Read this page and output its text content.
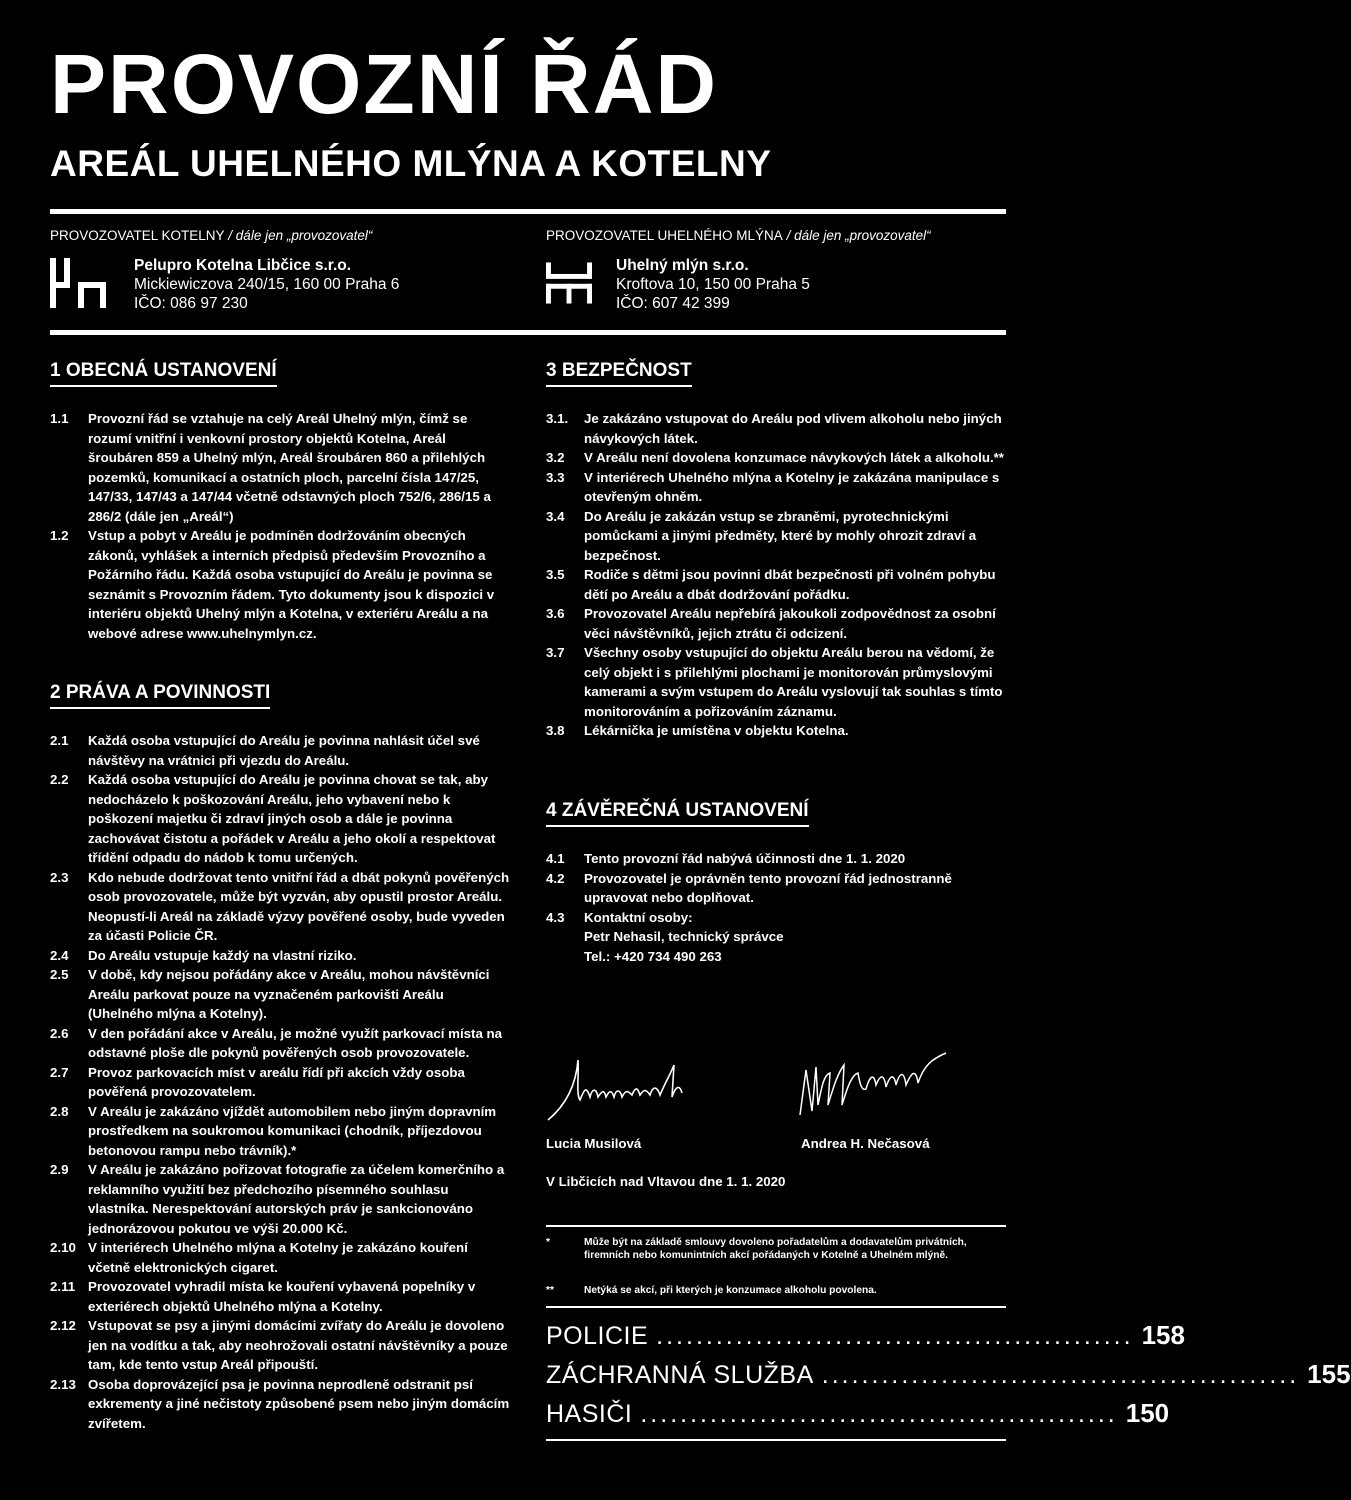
PROVOZNÍ ŘÁD
AREÁL UHELNÉHO MLÝNA A KOTELNY
PROVOZOVATEL KOTELNY / dále jen „provozovatel“
Pelupro Kotelna Libčice s.r.o.
Mickiewiczova 240/15, 160 00 Praha 6
IČO: 086 97 230
PROVOZOVATEL UHELNÉHO MLÝNA / dále jen „provozovatel“
Uhelný mlýn s.r.o.
Kroftova 10, 150 00 Praha 5
IČO: 607 42 399
1 OBECNÁ USTANOVENÍ
1.1	Provozní řád se vztahuje na celý Areál Uhelný mlýn, čímž se rozumí vnitřní i venkovní prostory objektů Kotelna, Areál šroubáren 859 a Uhelný mlýn, Areál šroubáren 860 a přilehlých pozemků, komunikací a ostatních ploch, parcelní čísla 147/25, 147/33, 147/43 a 147/44 včetně odstavných ploch 752/6, 286/15 a 286/2 (dále jen „Areál“)
1.2	Vstup a pobyt v Areálu je podmíněn dodržováním obecných zákonů, vyhlášek a interních předpisů především Provozního a Požárního řádu. Každá osoba vstupující do Areálu je povinna se seznámit s Provozním řádem. Tyto dokumenty jsou k dispozici v interiéru objektů Uhelný mlýn a Kotelna, v exteriéru Areálu a na webové adrese www.uhelnymlyn.cz.
2 PRÁVA A POVINNOSTI
2.1	Každá osoba vstupující do Areálu je povinna nahlásit účel své návštěvy na vrátnici při vjezdu do Areálu.
2.2	Každá osoba vstupující do Areálu je povinna chovat se tak, aby nedocházelo k poškozování Areálu, jeho vybavení nebo k poškození majetku či zdraví jiných osob a dále je povinna zachovávat čistotu a pořádek v Areálu a jeho okolí a respektovat třídění odpadu do nádob k tomu určených.
2.3	Kdo nebude dodržovat tento vnitřní řád a dbát pokynů pověřených osob provozovatele, může být vyzván, aby opustil prostor Areálu. Neopustí-li Areál na základě výzvy pověřené osoby, bude vyveden za účasti Policie ČR.
2.4	Do Areálu vstupuje každý na vlastní riziko.
2.5	V době, kdy nejsou pořádány akce v Areálu, mohou návštěvníci Areálu parkovat pouze na vyznačeném parkovišti Areálu (Uhelného mlýna a Kotelny).
2.6	V den pořádání akce v Areálu, je možné využít parkovací místa na odstavné ploše dle pokynů pověřených osob provozovatele.
2.7	Provoz parkovacích míst v areálu řídí při akcích vždy osoba pověřená provozovatelem.
2.8	V Areálu je zakázáno vjíždět automobilem nebo jiným dopravním prostředkem na soukromou komunikaci (chodník, příjezdovou betonovou rampu nebo trávník).*
2.9	V Areálu je zakázáno pořizovat fotografie za účelem komerčního a reklamního využití bez předchozího písemného souhlasu vlastníka. Nerespektování autorských práv je sankcionováno jednorázovou pokutou ve výši 20.000 Kč.
2.10 V interiérech Uhelného mlýna a Kotelny je zakázáno kouření včetně elektronických cigaret.
2.11 Provozovatel vyhradil místa ke kouření vybavená popelníky v exteriérech objektů Uhelného mlýna a Kotelny.
2.12 Vstupovat se psy a jinými domácími zvířaty do Areálu je dovoleno jen na vodítku a tak, aby neohrožovali ostatní návštěvníky a pouze tam, kde tento vstup Areál připouští.
2.13 Osoba doprovázející psa je povinna neprodleně odstranit psí exkrementy a jiné nečistoty způsobené psem nebo jiným domácím zvířetem.
3 BEZPEČNOST
3.1.	Je zakázáno vstupovat do Areálu pod vlivem alkoholu nebo jiných návykových látek.
3.2	V Areálu není dovolena konzumace návykových látek a alkoholu.**
3.3	V interiérech Uhelného mlýna a Kotelny je zakázána manipulace s otevřeným ohněm.
3.4	Do Areálu je zakázán vstup se zbraněmi, pyrotechnickými pomůckami a jinými předměty, které by mohly ohrozit zdraví a bezpečnost.
3.5	Rodiče s dětmi jsou povinni dbát bezpečnosti při volném pohybu dětí po Areálu a dbát dodržování pořádku.
3.6	Provozovatel Areálu nepřebírá jakoukoli zodpovědnost za osobní věci návštěvníků, jejich ztrátu či odcizení.
3.7	Všechny osoby vstupující do objektu Areálu berou na vědomí, že celý objekt i s přilehlými plochami je monitorován průmyslovými kamerami a svým vstupem do Areálu vyslovují tak souhlas s tímto monitorováním a pořizováním záznamu.
3.8	Lékárnička je umístěna v objektu Kotelna.
4 ZÁVĚREČNÁ USTANOVENÍ
4.1	Tento provozní řád nabývá účinnosti dne 1. 1. 2020
4.2	Provozovatel je oprávněn tento provozní řád jednostranně upravovat nebo doplňovat.
4.3	Kontaktní osoby:
Petr Nehasil, technický správce
Tel.: +420 734 490 263
Lucia Musilová	Andrea H. Nečasová
V Libčicích nad Vltavou dne 1. 1. 2020
*	Může být na základě smlouvy dovoleno pořadatelům a dodavatelům privátních, firemních nebo komunintních akcí pořádaných v Kotelně a Uhelném mlýně.
**	Netýká se akcí, při kterých je konzumace alkoholu povolena.
POLICIE ................................................ 158
ZÁCHRANNÁ SLUŽBA ................................................ 155
HASIČI ................................................ 150
